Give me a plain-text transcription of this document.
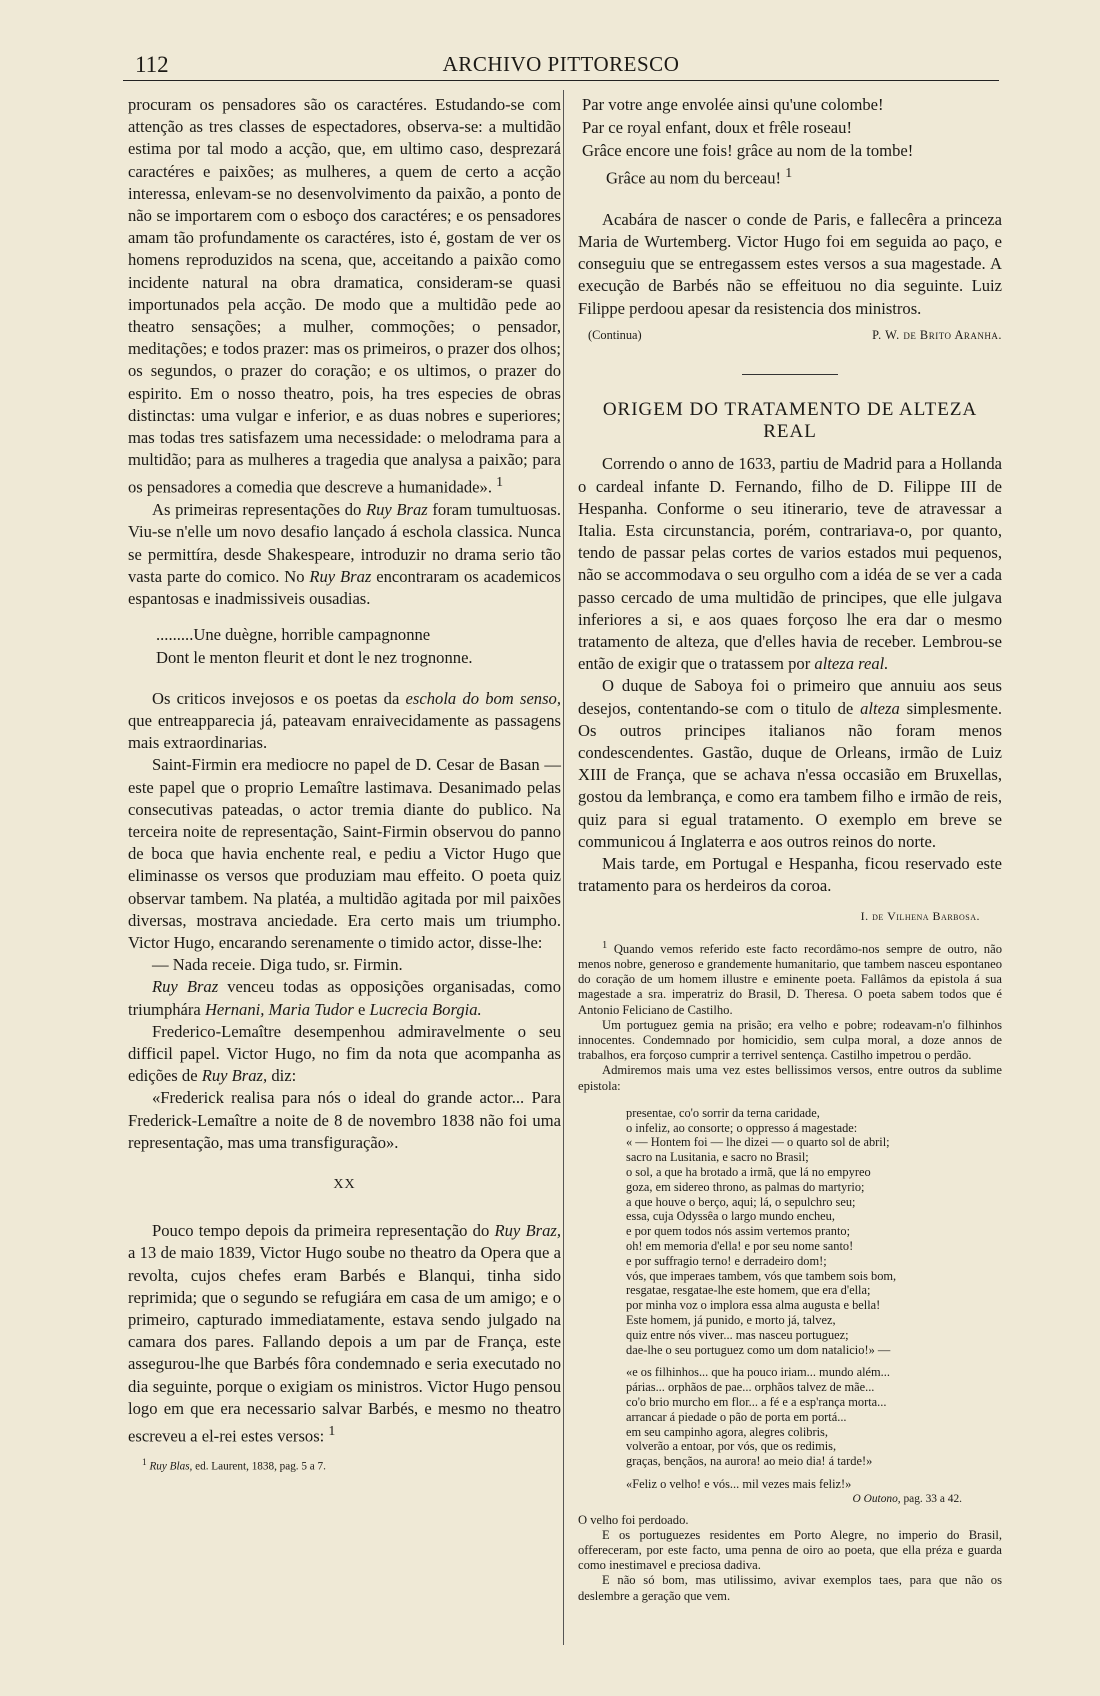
112	ARCHIVO PITTORESCO

procuram os pensadores são os caractéres. Estudando-se com attenção as tres classes de espectadores, observa-se: a multidão estima por tal modo a acção, que, em ultimo caso, desprezará caractéres e paixões; as mulheres, a quem de certo a acção interessa, enlevam-se no desenvolvimento da paixão, a ponto de não se importarem com o esboço dos caractéres; e os pensadores amam tão profundamente os caractéres, isto é, gostam de ver os homens reproduzidos na scena, que, acceitando a paixão como incidente natural na obra dramatica, consideram-se quasi importunados pela acção. De modo que a multidão pede ao theatro sensações; a mulher, commoções; o pensador, meditações; e todos prazer: mas os primeiros, o prazer dos olhos; os segundos, o prazer do coração; e os ultimos, o prazer do espirito. Em o nosso theatro, pois, ha tres especies de obras distinctas: uma vulgar e inferior, e as duas nobres e superiores; mas todas tres satisfazem uma necessidade: o melodrama para a multidão; para as mulheres a tragedia que analysa a paixão; para os pensadores a comedia que descreve a humanidade». $^1$

As primeiras representações do Ruy Braz foram tumultuosas. Viu-se n'elle um novo desafio lançado á eschola classica. Nunca se permittíra, desde Shakespeare, introduzir no drama serio tão vasta parte do comico. No Ruy Braz encontraram os academicos espantosas e inadmissiveis ousadias.

.........Une duègne, horrible campagnonne
Dont le menton fleurit et dont le nez trognonne.

Os criticos invejosos e os poetas da eschola do bom senso, que entreapparecia já, pateavam enraivecidamente as passagens mais extraordinarias.

Saint-Firmin era mediocre no papel de D. Cesar de Basan — este papel que o proprio Lemaître lastimava. Desanimado pelas consecutivas pateadas, o actor tremia diante do publico. Na terceira noite de representação, Saint-Firmin observou do panno de boca que havia enchente real, e pediu a Victor Hugo que eliminasse os versos que produziam mau effeito. O poeta quiz observar tambem. Na platéa, a multidão agitada por mil paixões diversas, mostrava anciedade. Era certo mais um triumpho. Victor Hugo, encarando serenamente o timido actor, disse-lhe:

— Nada receie. Diga tudo, sr. Firmin.

Ruy Braz venceu todas as opposições organisadas, como triumphára Hernani, Maria Tudor e Lucrecia Borgia.

Frederico-Lemaître desempenhou admiravelmente o seu difficil papel. Victor Hugo, no fim da nota que acompanha as edições de Ruy Braz, diz:

«Frederick realisa para nós o ideal do grande actor... Para Frederick-Lemaître a noite de 8 de novembro 1838 não foi uma representação, mas uma transfiguração».

XX

Pouco tempo depois da primeira representação do Ruy Braz, a 13 de maio 1839, Victor Hugo soube no theatro da Opera que a revolta, cujos chefes eram Barbés e Blanqui, tinha sido reprimida; que o segundo se refugiára em casa de um amigo; e o primeiro, capturado immediatamente, estava sendo julgado na camara dos pares. Fallando depois a um par de França, este assegurou-lhe que Barbés fôra condemnado e seria executado no dia seguinte, porque o exigiam os ministros. Victor Hugo pensou logo em que era necessario salvar Barbés, e mesmo no theatro escreveu a el-rei estes versos: $^1$

$^1$ Ruy Blas, ed. Laurent, 1838, pag. 5 a 7.
Par votre ange envolée ainsi qu'une colombe!
Par ce royal enfant, doux et frêle roseau!
Grâce encore une fois! grâce au nom de la tombe!
Grâce au nom du berceau! $^1$

Acabára de nascer o conde de Paris, e fallecêra a princeza Maria de Wurtemberg. Victor Hugo foi em seguida ao paço, e conseguiu que se entregassem estes versos a sua magestade. A execução de Barbés não se effeituou no dia seguinte. Luiz Filippe perdoou apesar da resistencia dos ministros.

(Continua)	P. W. de Brito Aranha.
ORIGEM DO TRATAMENTO DE ALTEZA REAL

Correndo o anno de 1633, partiu de Madrid para a Hollanda o cardeal infante D. Fernando, filho de D. Filippe III de Hespanha. Conforme o seu itinerario, teve de atravessar a Italia. Esta circunstancia, porém, contrariava-o, por quanto, tendo de passar pelas cortes de varios estados mui pequenos, não se accommodava o seu orgulho com a idéa de se ver a cada passo cercado de uma multidão de principes, que elle julgava inferiores a si, e aos quaes forçoso lhe era dar o mesmo tratamento de alteza, que d'elles havia de receber. Lembrou-se então de exigir que o tratassem por alteza real.

O duque de Saboya foi o primeiro que annuiu aos seus desejos, contentando-se com o titulo de alteza simplesmente. Os outros principes italianos não foram menos condescendentes. Gastão, duque de Orleans, irmão de Luiz XIII de França, que se achava n'essa occasião em Bruxellas, gostou da lembrança, e como era tambem filho e irmão de reis, quiz para si egual tratamento. O exemplo em breve se communicou á Inglaterra e aos outros reinos do norte.

Mais tarde, em Portugal e Hespanha, ficou reservado este tratamento para os herdeiros da coroa.

I. de Vilhena Barbosa.

$^1$ Quando vemos referido este facto recordâmo-nos sempre de outro, não menos nobre, generoso e grandemente humanitario, que tambem nasceu espontaneo do coração de um homem illustre e eminente poeta. Fallâmos da epistola á sua magestade a sra. imperatriz do Brasil, D. Theresa. O poeta sabem todos que é Antonio Feliciano de Castilho.

Um portuguez gemia na prisão; era velho e pobre; rodeavam-n'o filhinhos innocentes. Condemnado por homicidio, sem culpa moral, a doze annos de trabalhos, era forçoso cumprir a terrivel sentença. Castilho impetrou o perdão.

Admiremos mais uma vez estes bellissimos versos, entre outros da sublime epistola:

presentae, co'o sorrir da terna caridade,
o infeliz, ao consorte; o oppresso á magestade:
« — Hontem foi — lhe dizei — o quarto sol de abril;
sacro na Lusitania, e sacro no Brasil;
o sol, a que ha brotado a irmã, que lá no empyreo
goza, em sidereo throno, as palmas do martyrio;
a que houve o berço, aqui; lá, o sepulchro seu;
essa, cuja Odyssêa o largo mundo encheu,
e por quem todos nós assim vertemos pranto;
oh! em memoria d'ella! e por seu nome santo!
e por suffragio terno! e derradeiro dom!;
vós, que imperaes tambem, vós que tambem sois bom,
resgatae, resgatae-lhe este homem, que era d'ella;
por minha voz o implora essa alma augusta e bella!
Este homem, já punido, e morto já, talvez,
quiz entre nós viver... mas nasceu portuguez;
dae-lhe o seu portuguez como um dom natalicio!» —
«e os filhinhos... que ha pouco iriam... mundo além...
párias... orphãos de pae... orphãos talvez de mãe...
co'o brio murcho em flor... a fé e a esp'rança morta...
arrancar á piedade o pão de porta em portá...
em seu campinho agora, alegres colibris,
volverão a entoar, por vós, que os redimis,
graças, bençãos, na aurora! ao meio dia! á tarde!»
«Feliz o velho! e vós... mil vezes mais feliz!»
O Outono, pag. 33 a 42.

O velho foi perdoado.

E os portuguezes residentes em Porto Alegre, no imperio do Brasil, offereceram, por este facto, uma penna de oiro ao poeta, que ella préza e guarda como inestimavel e preciosa dadiva.

E não só bom, mas utilissimo, avivar exemplos taes, para que não os deslembre a geração que vem.
